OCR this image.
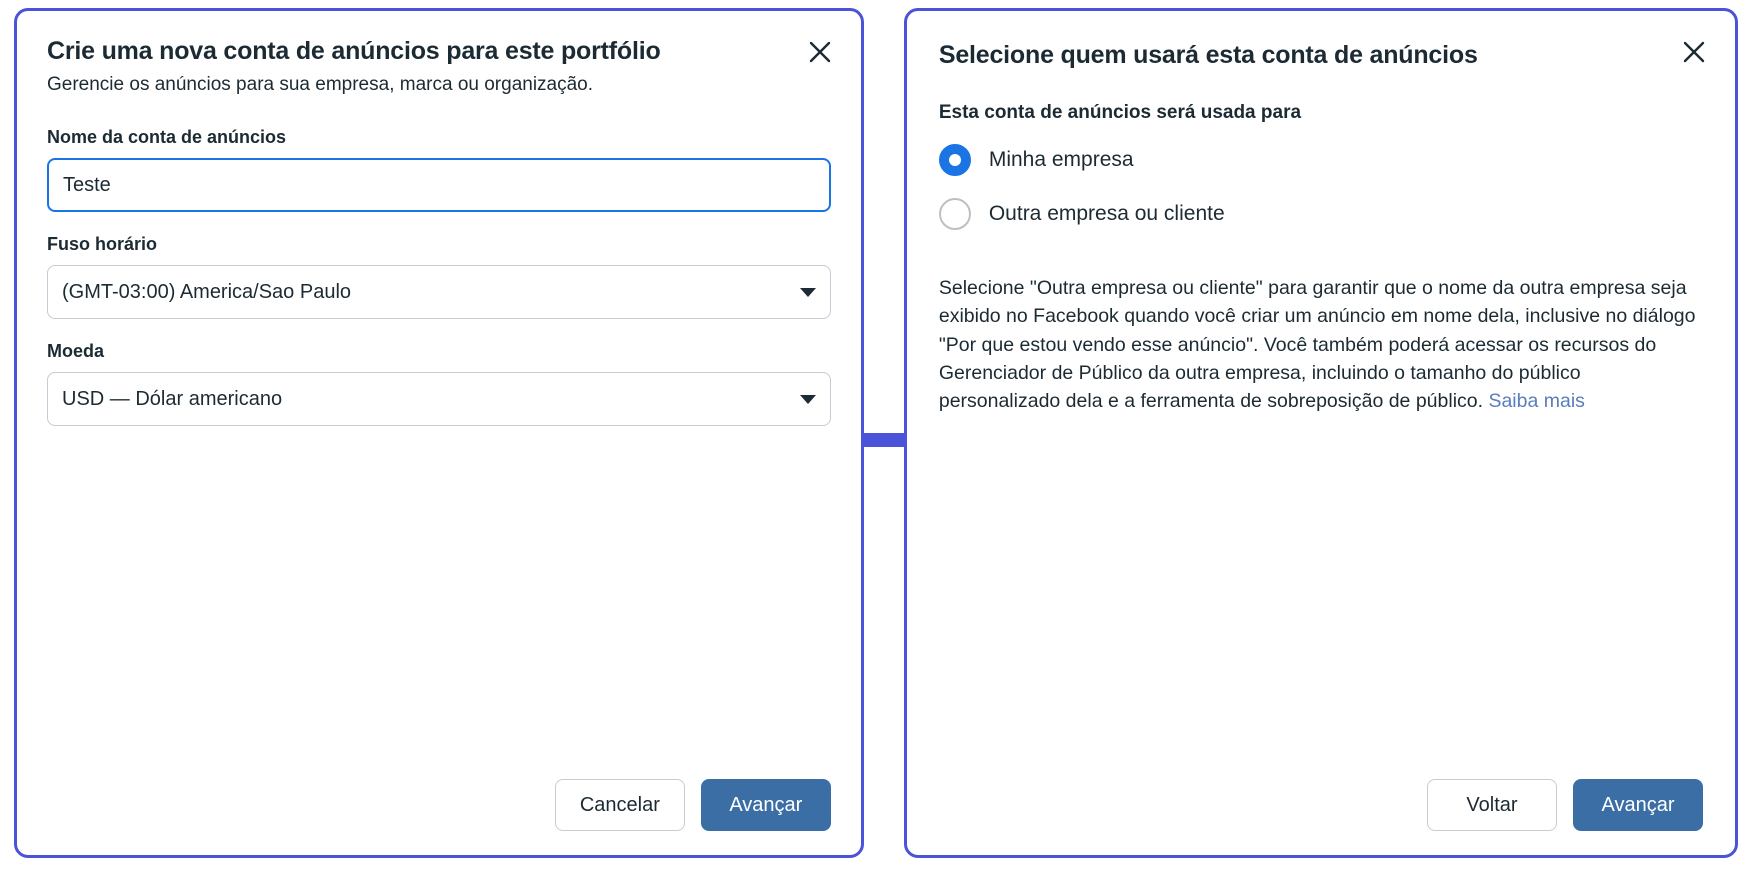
Crie uma nova conta de anúncios para este portfólio

Gerencie os anúncios para sua empresa, marca ou organização.

Nome da conta de anúncios
Teste
Fuso horário
(GMT-03:00) America/Sao Paulo
Moeda
USD — Dólar americano
Cancelar	Avançar
Selecione quem usará esta conta de anúncios
Esta conta de anúncios será usada para
Minha empresa
Outra empresa ou cliente

Selecione "Outra empresa ou cliente" para garantir que o nome da outra empresa seja exibido no Facebook quando você criar um anúncio em nome dela, inclusive no diálogo "Por que estou vendo esse anúncio". Você também poderá acessar os recursos do Gerenciador de Público da outra empresa, incluindo o tamanho do público personalizado dela e a ferramenta de sobreposição de público. Saiba mais

Voltar	Avançar
